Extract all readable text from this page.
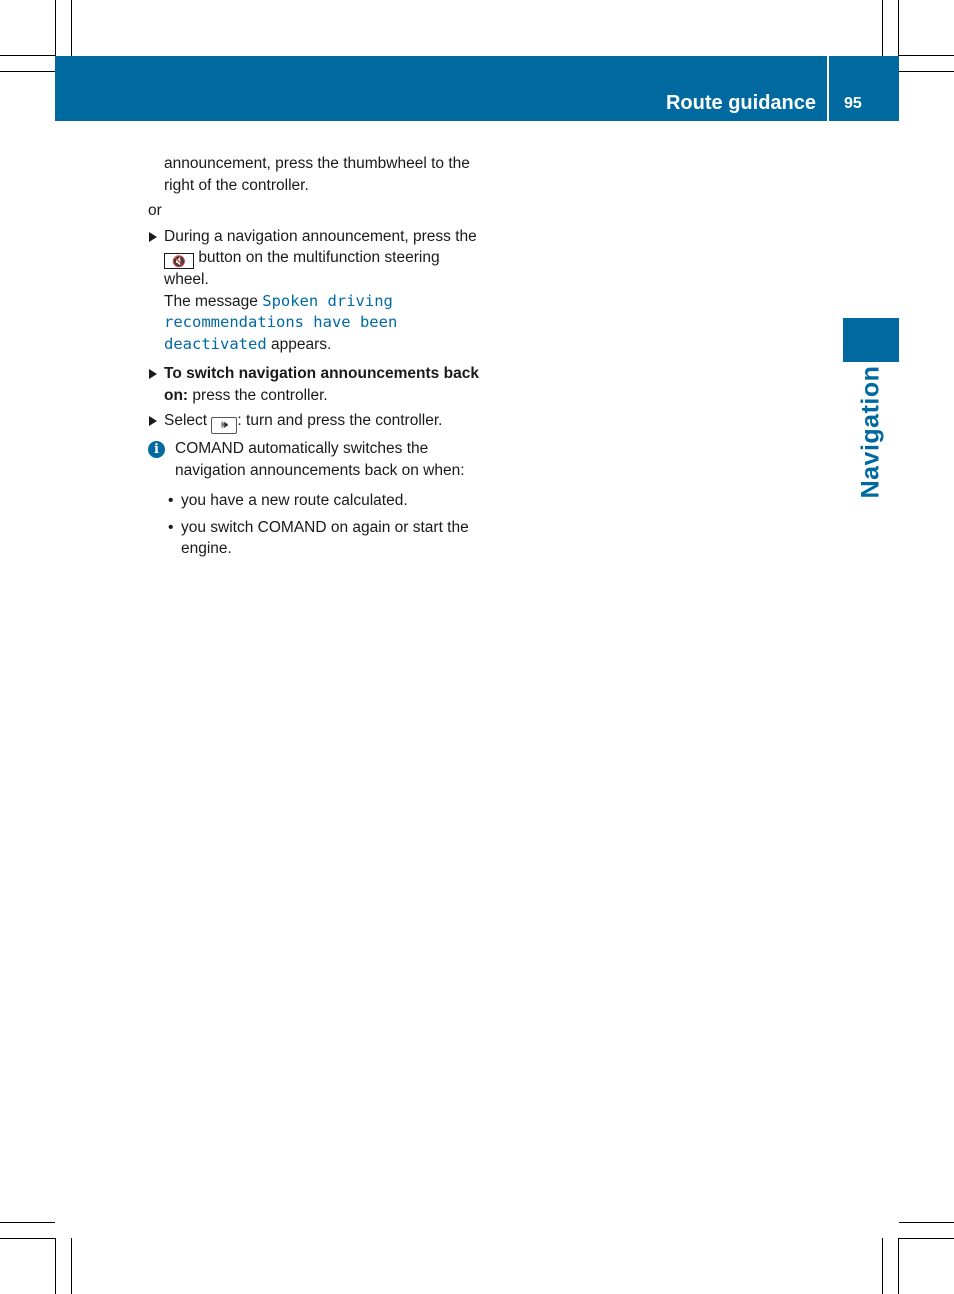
Route guidance 95
Navigation

announcement, press the thumbwheel to the right of the controller.

or

During a navigation announcement, press the 🔇 button on the multifunction steering wheel.

The message Spoken driving recommendations have been deactivated appears.

To switch navigation announcements back on: press the controller.

Select 🕪 : turn and press the controller.

i	COMAND automatically switches the navigation announcements back on when:

• you have a new route calculated.
• you switch COMAND on again or start the engine.
